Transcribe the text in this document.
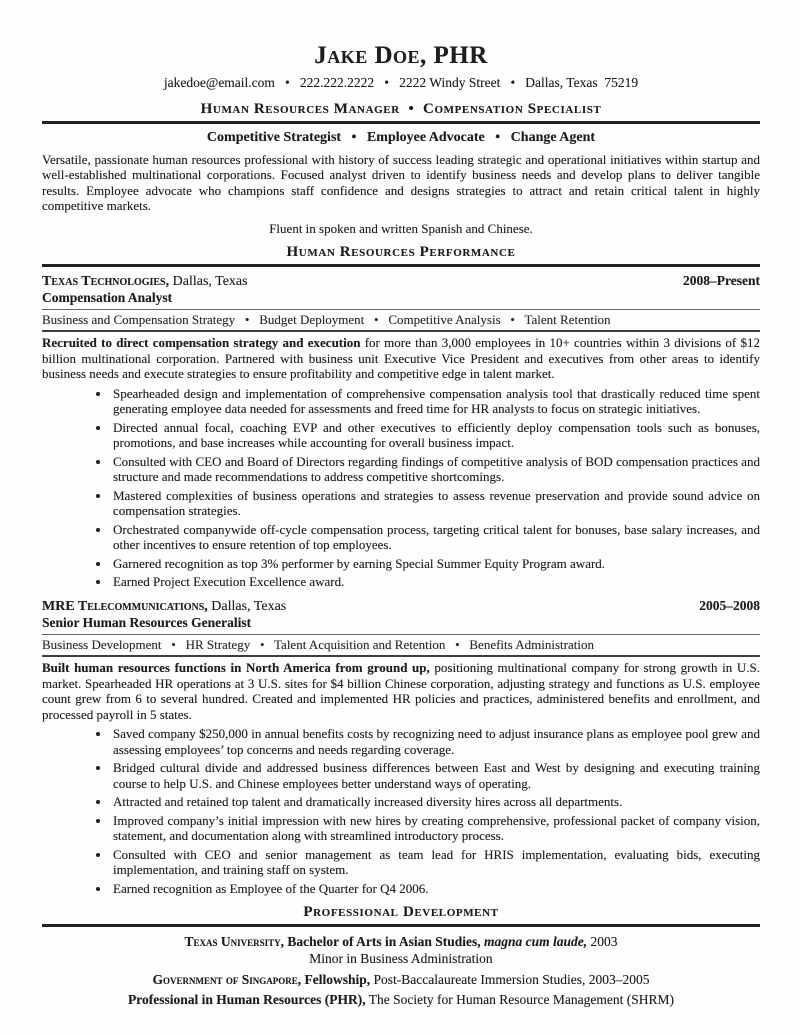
Jake Doe, PHR

jakedoe@email.com   •   222.222.2222   •   2222 Windy Street   •   Dallas, Texas  75219

Human Resources Manager  •  Compensation Specialist
Competitive Strategist   •   Employee Advocate   •   Change Agent

Versatile, passionate human resources professional with history of success leading strategic and operational initiatives within startup and well-established multinational corporations. Focused analyst driven to identify business needs and develop plans to deliver tangible results. Employee advocate who champions staff confidence and designs strategies to attract and retain critical talent in highly competitive markets.

Fluent in spoken and written Spanish and Chinese.

Human Resources Performance
Texas Technologies, Dallas, Texas	2008–Present
Compensation Analyst
Business and Compensation Strategy   •   Budget Deployment   •   Competitive Analysis   •   Talent Retention

Recruited to direct compensation strategy and execution for more than 3,000 employees in 10+ countries within 3 divisions of $12 billion multinational corporation. Partnered with business unit Executive Vice President and executives from other areas to identify business needs and execute strategies to ensure profitability and competitive edge in talent market.

• Spearheaded design and implementation of comprehensive compensation analysis tool that drastically reduced time spent generating employee data needed for assessments and freed time for HR analysts to focus on strategic initiatives.
• Directed annual focal, coaching EVP and other executives to efficiently deploy compensation tools such as bonuses, promotions, and base increases while accounting for overall business impact.
• Consulted with CEO and Board of Directors regarding findings of competitive analysis of BOD compensation practices and structure and made recommendations to address competitive shortcomings.
• Mastered complexities of business operations and strategies to assess revenue preservation and provide sound advice on compensation strategies.
• Orchestrated companywide off-cycle compensation process, targeting critical talent for bonuses, base salary increases, and other incentives to ensure retention of top employees.
• Garnered recognition as top 3% performer by earning Special Summer Equity Program award.
• Earned Project Execution Excellence award.
MRE Telecommunications, Dallas, Texas	2005–2008
Senior Human Resources Generalist
Business Development   •   HR Strategy   •   Talent Acquisition and Retention   •   Benefits Administration

Built human resources functions in North America from ground up, positioning multinational company for strong growth in U.S. market. Spearheaded HR operations at 3 U.S. sites for $4 billion Chinese corporation, adjusting strategy and functions as U.S. employee count grew from 6 to several hundred. Created and implemented HR policies and practices, administered benefits and enrollment, and processed payroll in 5 states.

• Saved company $250,000 in annual benefits costs by recognizing need to adjust insurance plans as employee pool grew and assessing employees’ top concerns and needs regarding coverage.
• Bridged cultural divide and addressed business differences between East and West by designing and executing training course to help U.S. and Chinese employees better understand ways of operating.
• Attracted and retained top talent and dramatically increased diversity hires across all departments.
• Improved company’s initial impression with new hires by creating comprehensive, professional packet of company vision, statement, and documentation along with streamlined introductory process.
• Consulted with CEO and senior management as team lead for HRIS implementation, evaluating bids, executing implementation, and training staff on system.
• Earned recognition as Employee of the Quarter for Q4 2006.
Professional Development

Texas University, Bachelor of Arts in Asian Studies, magna cum laude, 2003

Minor in Business Administration

Government of Singapore, Fellowship, Post-Baccalaureate Immersion Studies, 2003–2005

Professional in Human Resources (PHR), The Society for Human Resource Management (SHRM)
